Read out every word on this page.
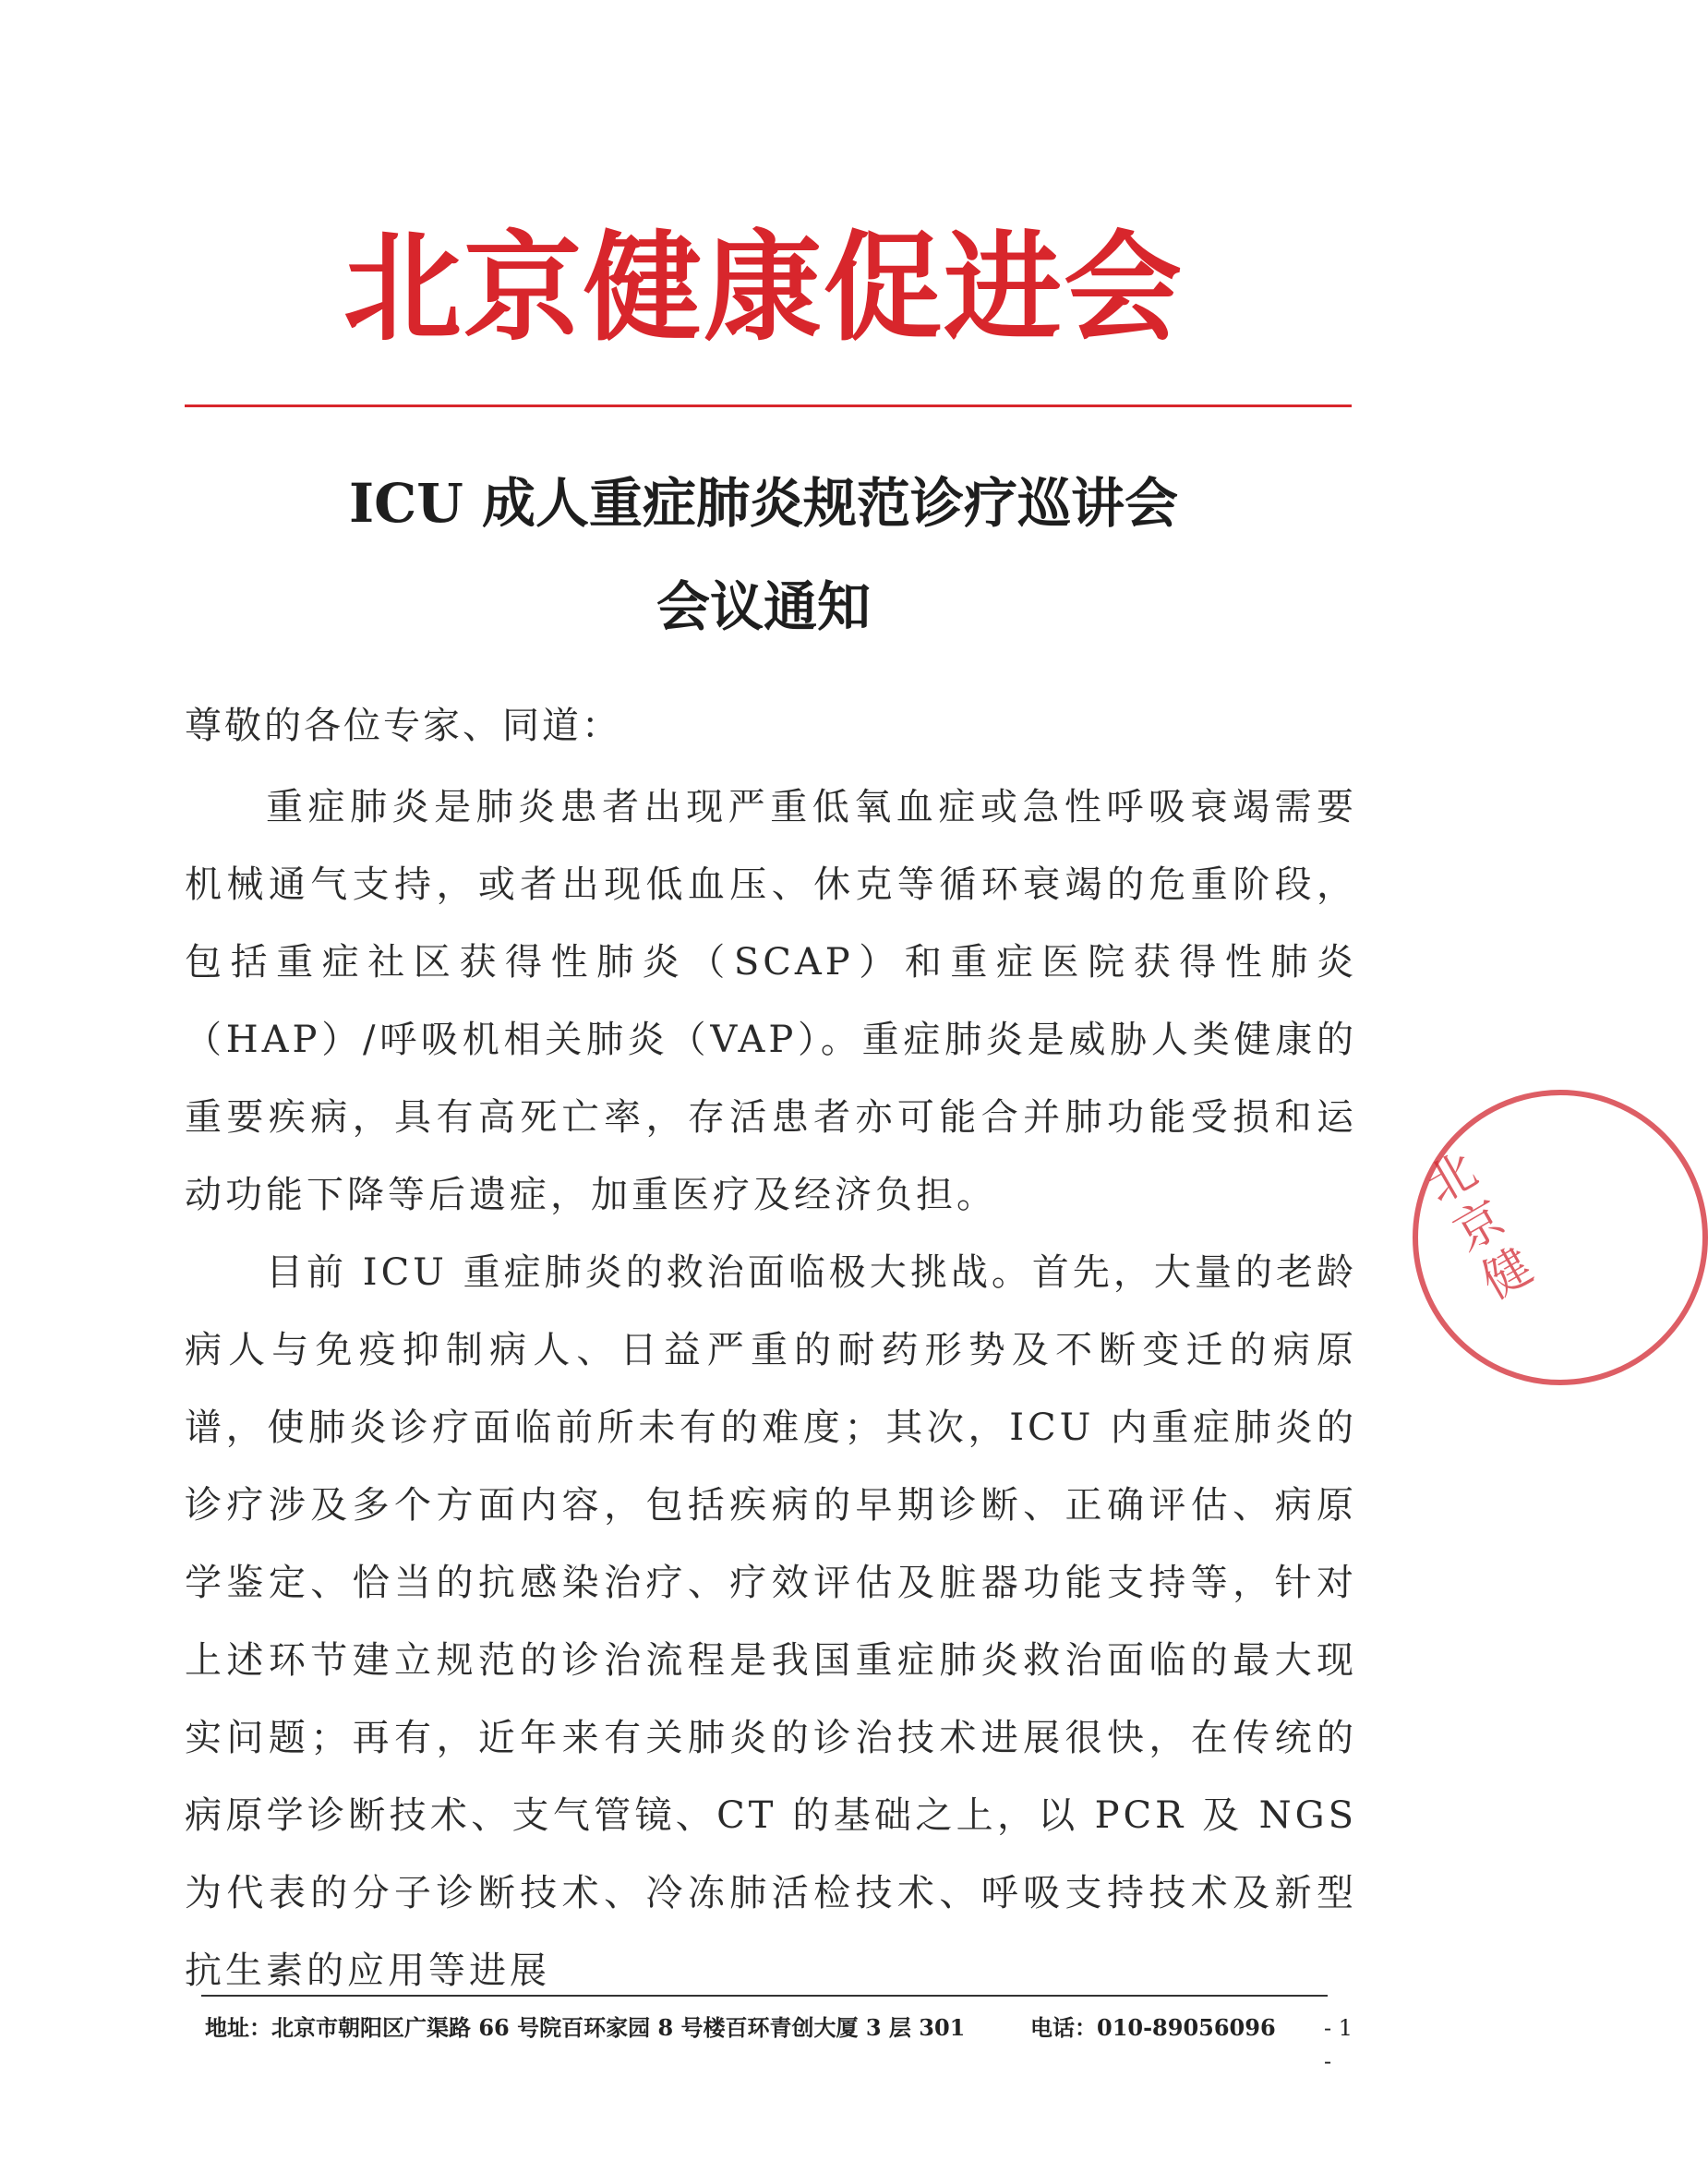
北京健康促进会
ICU 成人重症肺炎规范诊疗巡讲会
会议通知
尊敬的各位专家、同道：

重症肺炎是肺炎患者出现严重低氧血症或急性呼吸衰竭需要机械通气支持，或者出现低血压、休克等循环衰竭的危重阶段，包括重症社区获得性肺炎（SCAP）和重症医院获得性肺炎（HAP）/呼吸机相关肺炎（VAP）。重症肺炎是威胁人类健康的重要疾病，具有高死亡率，存活患者亦可能合并肺功能受损和运动功能下降等后遗症，加重医疗及经济负担。

目前 ICU 重症肺炎的救治面临极大挑战。首先，大量的老龄病人与免疫抑制病人、日益严重的耐药形势及不断变迁的病原谱，使肺炎诊疗面临前所未有的难度；其次，ICU 内重症肺炎的诊疗涉及多个方面内容，包括疾病的早期诊断、正确评估、病原学鉴定、恰当的抗感染治疗、疗效评估及脏器功能支持等，针对上述环节建立规范的诊治流程是我国重症肺炎救治面临的最大现实问题；再有，近年来有关肺炎的诊治技术进展很快，在传统的病原学诊断技术、支气管镜、CT 的基础之上，以 PCR 及 NGS 为代表的分子诊断技术、冷冻肺活检技术、呼吸支持技术及新型抗生素的应用等进展

北京健
地址：北京市朝阳区广渠路 66 号院百环家园 8 号楼百环青创大厦 3 层 301	电话：010-89056096 - 1 -
